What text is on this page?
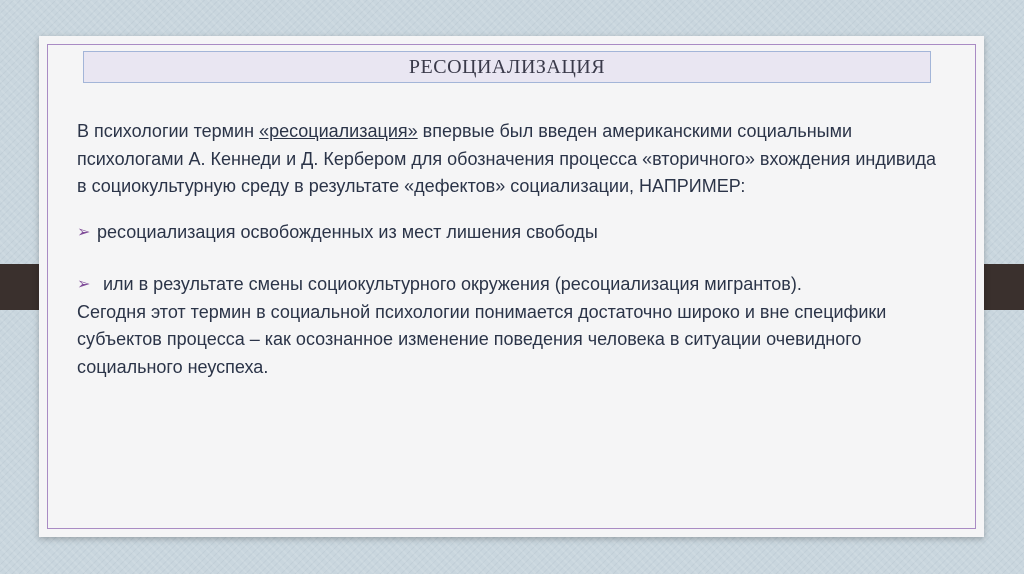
РЕСОЦИАЛИЗАЦИЯ

В психологии термин «ресоциализация» впервые был введен американскими социальными психологами А. Кеннеди и Д. Кербером для обозначения процесса «вторичного» вхождения индивида в социокультурную среду в результате «дефектов» социализации, НАПРИМЕР:

➢ ресоциализация освобожденных из мест лишения свободы
➢ или в результате смены социокультурного окружения (ресоциализация мигрантов).

Сегодня этот термин в социальной психологии понимается достаточно широко и вне специфики субъектов процесса – как осознанное изменение поведения человека в ситуации очевидного социального неуспеха.
